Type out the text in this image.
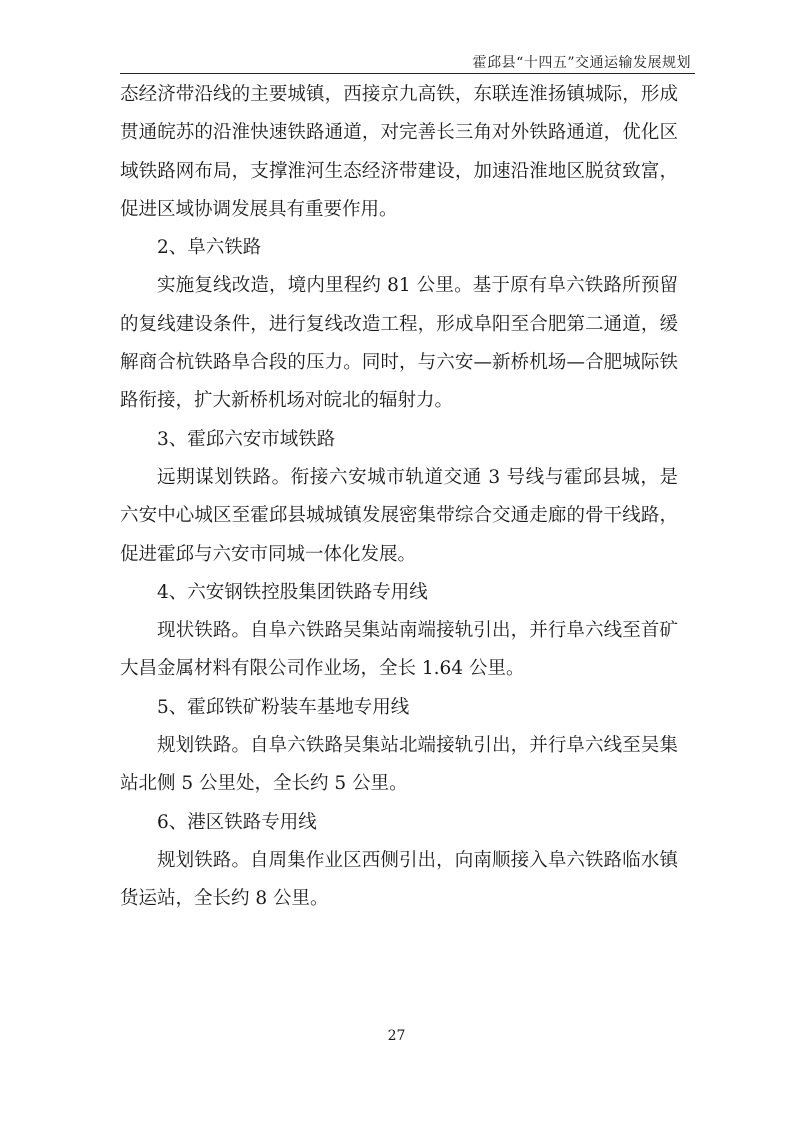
霍邱县“十四五”交通运输发展规划
态经济带沿线的主要城镇，西接京九高铁，东联连淮扬镇城际，形成
贯通皖苏的沿淮快速铁路通道，对完善长三角对外铁路通道，优化区
域铁路网布局，支撑淮河生态经济带建设，加速沿淮地区脱贫致富，
促进区域协调发展具有重要作用。
2、阜六铁路
实施复线改造，境内里程约 81 公里。基于原有阜六铁路所预留
的复线建设条件，进行复线改造工程，形成阜阳至合肥第二通道，缓
解商合杭铁路阜合段的压力。同时，与六安—新桥机场—合肥城际铁
路衔接，扩大新桥机场对皖北的辐射力。
3、霍邱六安市域铁路
远期谋划铁路。衔接六安城市轨道交通 3 号线与霍邱县城，是
六安中心城区至霍邱县城城镇发展密集带综合交通走廊的骨干线路，
促进霍邱与六安市同城一体化发展。
4、六安钢铁控股集团铁路专用线
现状铁路。自阜六铁路吴集站南端接轨引出，并行阜六线至首矿
大昌金属材料有限公司作业场，全长 1.64 公里。
5、霍邱铁矿粉装车基地专用线
规划铁路。自阜六铁路吴集站北端接轨引出，并行阜六线至吴集
站北侧 5 公里处，全长约 5 公里。
6、港区铁路专用线
规划铁路。自周集作业区西侧引出，向南顺接入阜六铁路临水镇
货运站，全长约 8 公里。
27
